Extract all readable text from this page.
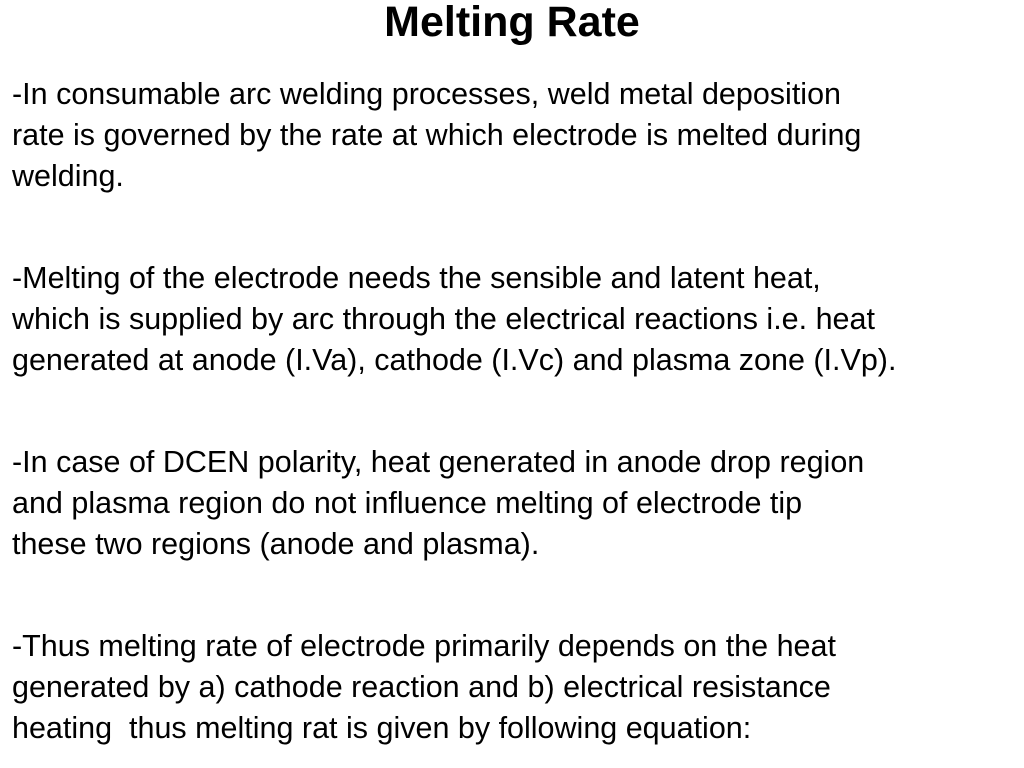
Melting Rate

-In consumable arc welding processes, weld metal deposition
rate is governed by the rate at which electrode is melted during
welding.

-Melting of the electrode needs the sensible and latent heat,
which is supplied by arc through the electrical reactions i.e. heat
generated at anode (I.Va), cathode (I.Vc) and plasma zone (I.Vp).

-In case of DCEN polarity, heat generated in anode drop region
and plasma region do not influence melting of electrode tip
these two regions (anode and plasma).

-Thus melting rate of electrode primarily depends on the heat
generated by a) cathode reaction and b) electrical resistance
heating  thus melting rat is given by following equation:
